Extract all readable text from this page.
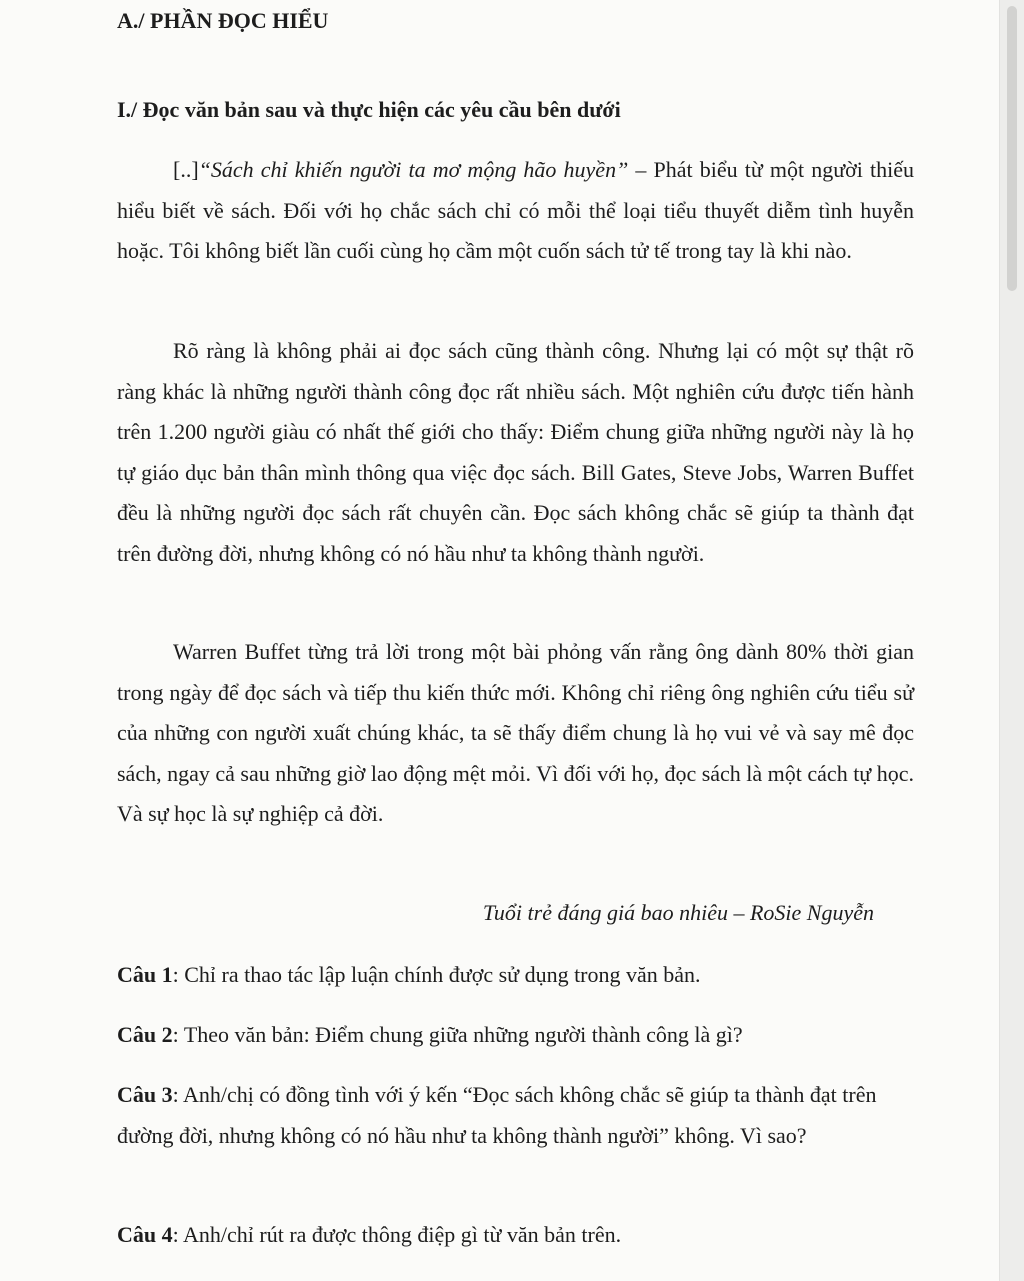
A./ PHẦN ĐỌC HIỂU
I./ Đọc văn bản sau và thực hiện các yêu cầu bên dưới

[..]“Sách chỉ khiến người ta mơ mộng hão huyền” – Phát biểu từ một người thiếu hiểu biết về sách. Đối với họ chắc sách chỉ có mỗi thể loại tiểu thuyết diễm tình huyễn hoặc. Tôi không biết lần cuối cùng họ cầm một cuốn sách tử tế trong tay là khi nào.

Rõ ràng là không phải ai đọc sách cũng thành công. Nhưng lại có một sự thật rõ ràng khác là những người thành công đọc rất nhiều sách. Một nghiên cứu được tiến hành trên 1.200 người giàu có nhất thế giới cho thấy: Điểm chung giữa những người này là họ tự giáo dục bản thân mình thông qua việc đọc sách. Bill Gates, Steve Jobs, Warren Buffet đều là những người đọc sách rất chuyên cần. Đọc sách không chắc sẽ giúp ta thành đạt trên đường đời, nhưng không có nó hầu như ta không thành người.

Warren Buffet từng trả lời trong một bài phỏng vấn rằng ông dành 80% thời gian trong ngày để đọc sách và tiếp thu kiến thức mới. Không chỉ riêng ông nghiên cứu tiểu sử của những con người xuất chúng khác, ta sẽ thấy điểm chung là họ vui vẻ và say mê đọc sách, ngay cả sau những giờ lao động mệt mỏi. Vì đối với họ, đọc sách là một cách tự học. Và sự học là sự nghiệp cả đời.

Tuổi trẻ đáng giá bao nhiêu – RoSie Nguyễn

Câu 1: Chỉ ra thao tác lập luận chính được sử dụng trong văn bản.

Câu 2: Theo văn bản: Điểm chung giữa những người thành công là gì?

Câu 3: Anh/chị có đồng tình với ý kến “Đọc sách không chắc sẽ giúp ta thành đạt trên đường đời, nhưng không có nó hầu như ta không thành người” không. Vì sao?

Câu 4: Anh/chỉ rút ra được thông điệp gì từ văn bản trên.
